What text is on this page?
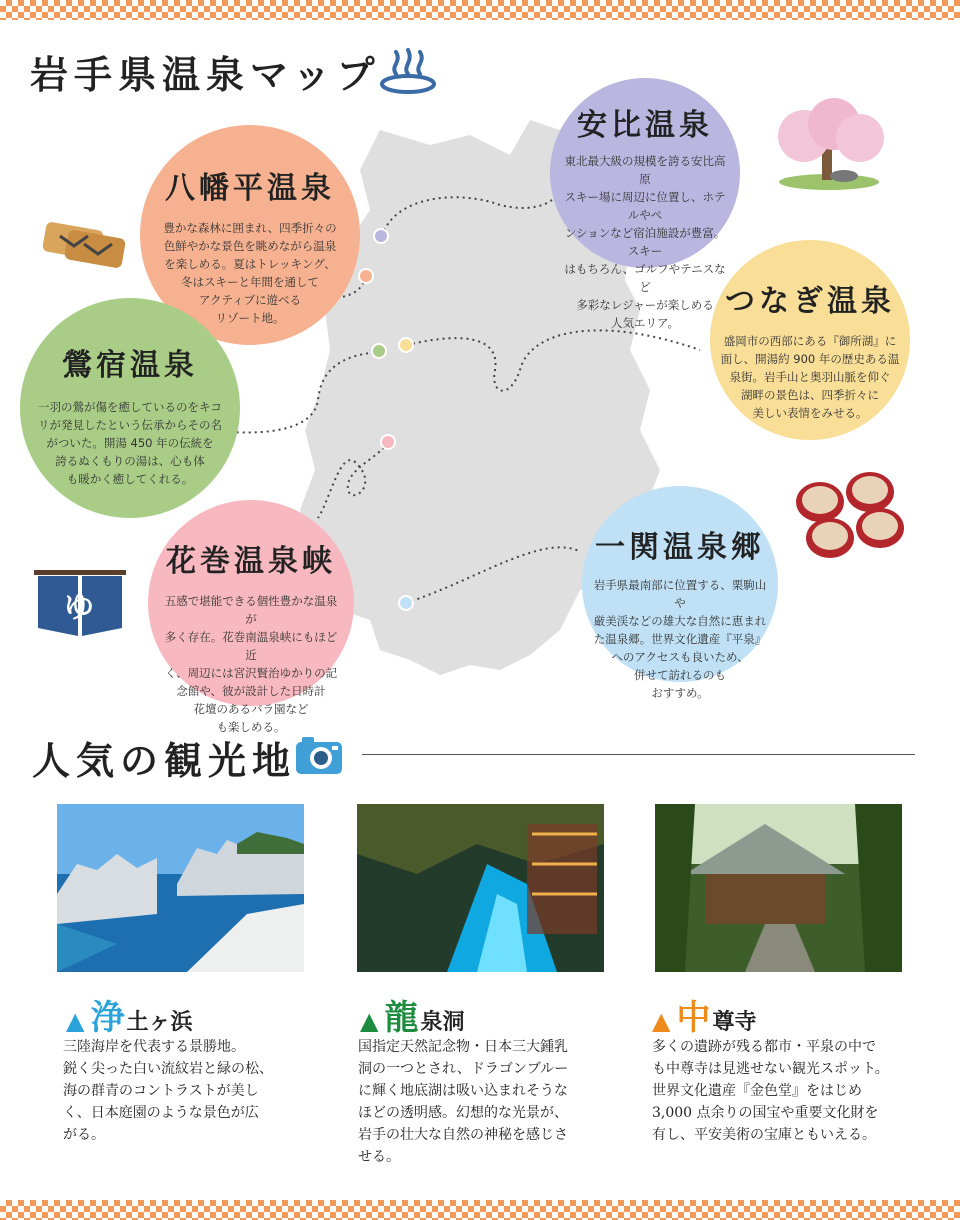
岩手県温泉マップ
八幡平温泉
豊かな森林に囲まれ、四季折々の
色鮮やかな景色を眺めながら温泉
を楽しめる。夏はトレッキング、
冬はスキーと年間を通して
アクティブに遊べる
リゾート地。
安比温泉
東北最大級の規模を誇る安比高原
スキー場に周辺に位置し、ホテルやペ
ンションなど宿泊施設が豊富。スキー
はもちろん、ゴルフやテニスなど
多彩なレジャーが楽しめる
人気エリア。
つなぎ温泉
盛岡市の西部にある『御所湖』に
面し、開湯約 900 年の歴史ある温
泉街。岩手山と奥羽山脈を仰ぐ
湖畔の景色は、四季折々に
美しい表情をみせる。
鶯宿温泉
一羽の鶯が傷を癒しているのをキコ
リが発見したという伝承からその名
がついた。開湯 450 年の伝統を
誇るぬくもりの湯は、心も体
も暖かく癒してくれる。
花巻温泉峡
五感で堪能できる個性豊かな温泉が
多く存在。花巻南温泉峡にもほど近
く、周辺には宮沢賢治ゆかりの記
念館や、彼が設計した日時計
花壇のあるバラ園など
も楽しめる。
一関温泉郷
岩手県最南部に位置する、栗駒山や
厳美渓などの雄大な自然に恵まれ
た温泉郷。世界文化遺産『平泉』
へのアクセスも良いため、
併せて訪れるのも
おすすめ。
ゆ
人気の観光地
▲ 浄 土ヶ浜	▲ 龍 泉洞	▲ 中 尊寺

三陸海岸を代表する景勝地。
鋭く尖った白い流紋岩と緑の松、
海の群青のコントラストが美し
く、日本庭園のような景色が広
がる。

国指定天然記念物・日本三大鍾乳
洞の一つとされ、ドラゴンブルー
に輝く地底湖は吸い込まれそうな
ほどの透明感。幻想的な光景が、
岩手の壮大な自然の神秘を感じさ
せる。

多くの遺跡が残る都市・平泉の中で
も中尊寺は見逃せない観光スポット。
世界文化遺産『金色堂』をはじめ
3,000 点余りの国宝や重要文化財を
有し、平安美術の宝庫ともいえる。
